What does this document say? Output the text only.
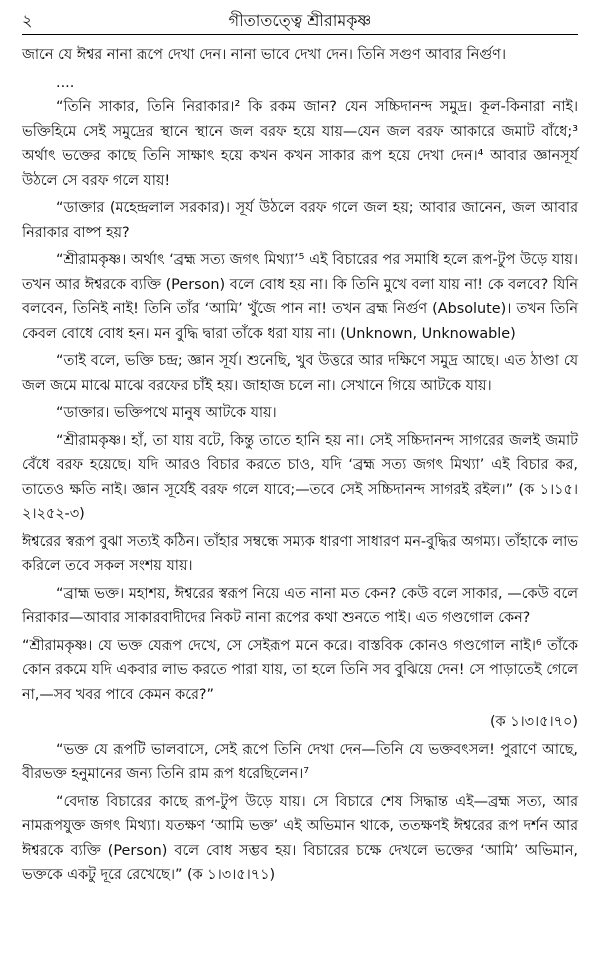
২	গীতাতত্ত্বে শ্রীরামকৃষ্ণ

জানে যে ঈশ্বর নানা রূপে দেখা দেন। নানা ভাবে দেখা দেন। তিনি সগুণ আবার নির্গুণ।

....

“তিনি সাকার, তিনি নিরাকার।² কি রকম জান? যেন সচ্চিদানন্দ সমুদ্র। কূল-কিনারা নাই। ভক্তিহিমে সেই সমুদ্রের স্থানে স্থানে জল বরফ হয়ে যায়—যেন জল বরফ আকারে জমাট বাঁধে;³ অর্থাৎ ভক্তের কাছে তিনি সাক্ষাৎ হয়ে কখন কখন সাকার রূপ হয়ে দেখা দেন।⁴ আবার জ্ঞানসূর্য উঠলে সে বরফ গলে যায়!

“ডাক্তার (মহেন্দ্রলাল সরকার)। সূর্য উঠলে বরফ গলে জল হয়; আবার জানেন, জল আবার নিরাকার বাষ্প হয়?

“শ্রীরামকৃষ্ণ। অর্থাৎ ‘ব্রহ্ম সত্য জগৎ মিথ্যা’⁵ এই বিচারের পর সমাধি হলে রূপ-টুপ উড়ে যায়। তখন আর ঈশ্বরকে ব্যক্তি (Person) বলে বোধ হয় না। কি তিনি মুখে বলা যায় না! কে বলবে? যিনি বলবেন, তিনিই নাই! তিনি তাঁর ‘আমি’ খুঁজে পান না! তখন ব্রহ্ম নির্গুণ (Absolute)। তখন তিনি কেবল বোধে বোধ হন। মন বুদ্ধি দ্বারা তাঁকে ধরা যায় না। (Unknown, Unknowable)

“তাই বলে, ভক্তি চন্দ্র; জ্ঞান সূর্য। শুনেছি, খুব উত্তরে আর দক্ষিণে সমুদ্র আছে। এত ঠাণ্ডা যে জল জমে মাঝে মাঝে বরফের চাঁই হয়। জাহাজ চলে না। সেখানে গিয়ে আটকে যায়।

“ডাক্তার। ভক্তিপথে মানুষ আটকে যায়।

“শ্রীরামকৃষ্ণ। হাঁ, তা যায় বটে, কিন্তু তাতে হানি হয় না। সেই সচ্চিদানন্দ সাগরের জলই জমাট বেঁধে বরফ হয়েছে। যদি আরও বিচার করতে চাও, যদি ‘ব্রহ্ম সত্য জগৎ মিথ্যা’ এই বিচার কর, তাতেও ক্ষতি নাই। জ্ঞান সূর্যেই বরফ গলে যাবে;—তবে সেই সচ্চিদানন্দ সাগরই রইল।” (ক ১।১৫।২।২৫২-৩)

ঈশ্বরের স্বরূপ বুঝা সত্যই কঠিন। তাঁহার সম্বন্ধে সম্যক ধারণা সাধারণ মন-বুদ্ধির অগম্য। তাঁহাকে লাভ করিলে তবে সকল সংশয় যায়।

“ব্রাহ্ম ভক্ত। মহাশয়, ঈশ্বরের স্বরূপ নিয়ে এত নানা মত কেন? কেউ বলে সাকার, —কেউ বলে নিরাকার—আবার সাকারবাদীদের নিকট নানা রূপের কথা শুনতে পাই। এত গণ্ডগোল কেন?

“শ্রীরামকৃষ্ণ। যে ভক্ত যেরূপ দেখে, সে সেইরূপ মনে করে। বাস্তবিক কোনও গণ্ডগোল নাই।⁶ তাঁকে কোন রকমে যদি একবার লাভ করতে পারা যায়, তা হলে তিনি সব বুঝিয়ে দেন! সে পাড়াতেই গেলে না,—সব খবর পাবে কেমন করে?”

(ক ১।৩।৫।৭০)

“ভক্ত যে রূপটি ভালবাসে, সেই রূপে তিনি দেখা দেন—তিনি যে ভক্তবৎসল! পুরাণে আছে, বীরভক্ত হনুমানের জন্য তিনি রাম রূপ ধরেছিলেন।⁷

“বেদান্ত বিচারের কাছে রূপ-টুপ উড়ে যায়। সে বিচারে শেষ সিদ্ধান্ত এই—ব্রহ্ম সত্য, আর নামরূপযুক্ত জগৎ মিথ্যা। যতক্ষণ ‘আমি ভক্ত’ এই অভিমান থাকে, ততক্ষণই ঈশ্বরের রূপ দর্শন আর ঈশ্বরকে ব্যক্তি (Person) বলে বোধ সম্ভব হয়। বিচারের চক্ষে দেখলে ভক্তের ‘আমি’ অভিমান, ভক্তকে একটু দূরে রেখেছে।” (ক ১।৩।৫।৭১)
